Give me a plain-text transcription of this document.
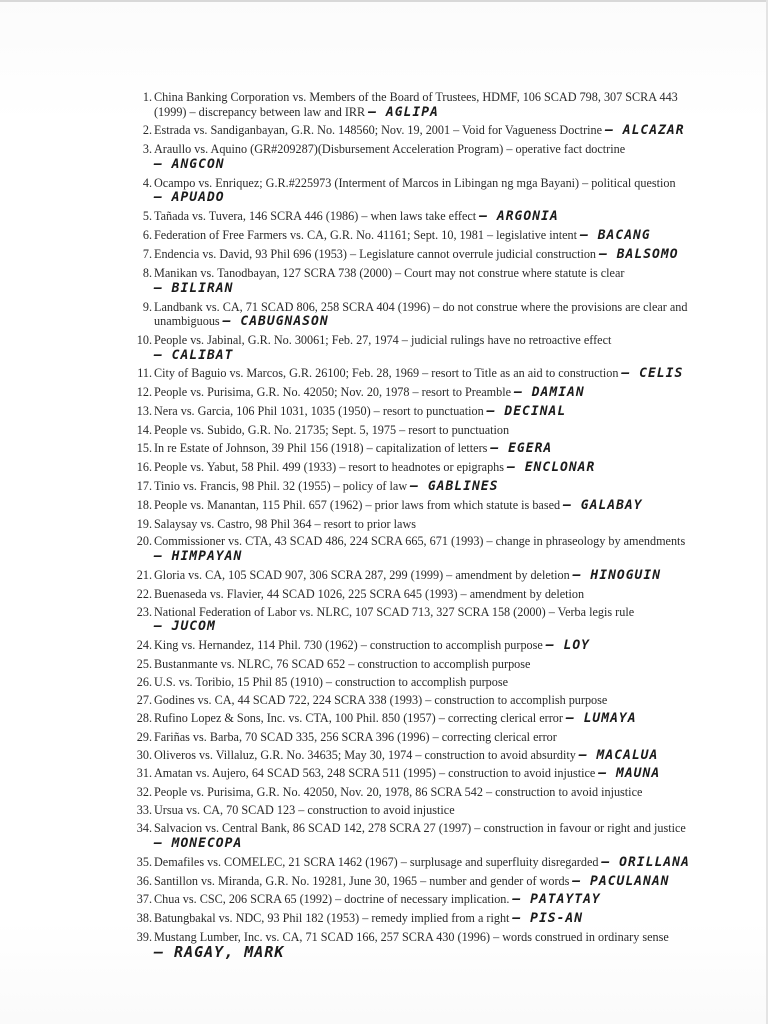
1. China Banking Corporation vs. Members of the Board of Trustees, HDMF, 106 SCAD 798, 307 SCRA 443 (1999) – discrepancy between law and IRR — AGLIPA
2. Estrada vs. Sandiganbayan, G.R. No. 148560; Nov. 19, 2001 – Void for Vagueness Doctrine – ALCAZAR
3. Araullo vs. Aquino (GR#209287)(Disbursement Acceleration Program) – operative fact doctrine – ANGCON
4. Ocampo vs. Enriquez; G.R.#225973 (Interment of Marcos in Libingan ng mga Bayani) – political question – APUADO
5. Tañada vs. Tuvera, 146 SCRA 446 (1986) – when laws take effect – ARGONIA
6. Federation of Free Farmers vs. CA, G.R. No. 41161; Sept. 10, 1981 – legislative intent – BACANG
7. Endencia vs. David, 93 Phil 696 (1953) – Legislature cannot overrule judicial construction – BALSOMO
8. Manikan vs. Tanodbayan, 127 SCRA 738 (2000) – Court may not construe where statute is clear – BILIRAN
9. Landbank vs. CA, 71 SCAD 806, 258 SCRA 404 (1996) – do not construe where the provisions are clear and unambiguous – CABUGNASON
10. People vs. Jabinal, G.R. No. 30061; Feb. 27, 1974 – judicial rulings have no retroactive effect – CALIBAT
11. City of Baguio vs. Marcos, G.R. 26100; Feb. 28, 1969 – resort to Title as an aid to construction – CELIS
12. People vs. Purisima, G.R. No. 42050; Nov. 20, 1978 – resort to Preamble – DAMIAN
13. Nera vs. Garcia, 106 Phil 1031, 1035 (1950) – resort to punctuation – DECINAL
14. People vs. Subido, G.R. No. 21735; Sept. 5, 1975 – resort to punctuation
15. In re Estate of Johnson, 39 Phil 156 (1918) – capitalization of letters – EGERA
16. People vs. Yabut, 58 Phil. 499 (1933) – resort to headnotes or epigraphs – ENCLONAR
17. Tinio vs. Francis, 98 Phil. 32 (1955) – policy of law – GABLINES
18. People vs. Manantan, 115 Phil. 657 (1962) – prior laws from which statute is based – GALABAY
19. Salaysay vs. Castro, 98 Phil 364 – resort to prior laws
20. Commissioner vs. CTA, 43 SCAD 486, 224 SCRA 665, 671 (1993) – change in phraseology by amendments – HIMPAYAN
21. Gloria vs. CA, 105 SCAD 907, 306 SCRA 287, 299 (1999) – amendment by deletion – HINOGUIN
22. Buenaseda vs. Flavier, 44 SCAD 1026, 225 SCRA 645 (1993) – amendment by deletion
23. National Federation of Labor vs. NLRC, 107 SCAD 713, 327 SCRA 158 (2000) – Verba legis rule – JUCOM
24. King vs. Hernandez, 114 Phil. 730 (1962) – construction to accomplish purpose – LOY
25. Bustanmante vs. NLRC, 76 SCAD 652 – construction to accomplish purpose
26. U.S. vs. Toribio, 15 Phil 85 (1910) – construction to accomplish purpose
27. Godines vs. CA, 44 SCAD 722, 224 SCRA 338 (1993) – construction to accomplish purpose
28. Rufino Lopez & Sons, Inc. vs. CTA, 100 Phil. 850 (1957) – correcting clerical error – LUMAYA
29. Fariñas vs. Barba, 70 SCAD 335, 256 SCRA 396 (1996) – correcting clerical error
30. Oliveros vs. Villaluz, G.R. No. 34635; May 30, 1974 – construction to avoid absurdity – MACALUA
31. Amatan vs. Aujero, 64 SCAD 563, 248 SCRA 511 (1995) – construction to avoid injustice – MAUNA
32. People vs. Purisima, G.R. No. 42050, Nov. 20, 1978, 86 SCRA 542 – construction to avoid injustice
33. Ursua vs. CA, 70 SCAD 123 – construction to avoid injustice
34. Salvacion vs. Central Bank, 86 SCAD 142, 278 SCRA 27 (1997) – construction in favour or right and justice – MONECOPA
35. Demafiles vs. COMELEC, 21 SCRA 1462 (1967) – surplusage and superfluity disregarded – ORILLANA
36. Santillon vs. Miranda, G.R. No. 19281, June 30, 1965 – number and gender of words – PACULANAN
37. Chua vs. CSC, 206 SCRA 65 (1992) – doctrine of necessary implication. – PATAYTAY
38. Batungbakal vs. NDC, 93 Phil 182 (1953) – remedy implied from a right – PIS-AN
39. Mustang Lumber, Inc. vs. CA, 71 SCAD 166, 257 SCRA 430 (1996) – words construed in ordinary sense — RAGAY, MARK
